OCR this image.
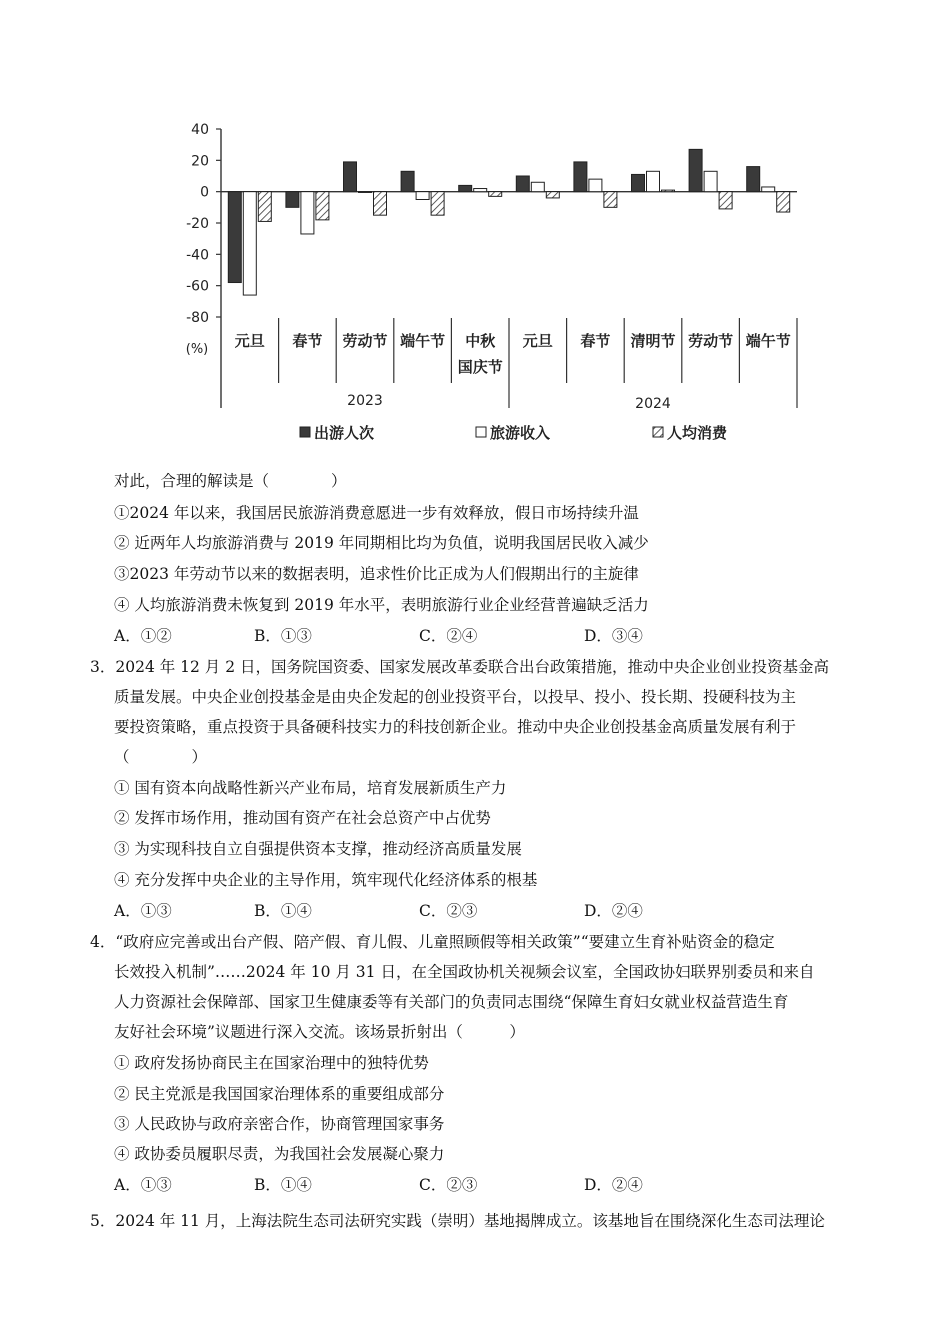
40
20
0
-20
-40
-60
-80
(%) 元旦 春节 劳动节 端午节 中秋
国庆节
元旦 春节 清明节 劳动节 端午节
2023	2024
出游人次	旅游收入	人均消费
对此，合理的解读是（　　　　）
①2024 年以来，我国居民旅游消费意愿进一步有效释放，假日市场持续升温
② 近两年人均旅游消费与 2019 年同期相比均为负值，说明我国居民收入减少
③2023 年劳动节以来的数据表明，追求性价比正成为人们假期出行的主旋律
④ 人均旅游消费未恢复到 2019 年水平，表明旅游行业企业经营普遍缺乏活力
A．①②	B．①③	C．②④	D．③④
3．2024 年 12 月 2 日，国务院国资委、国家发展改革委联合出台政策措施，推动中央企业创业投资基金高
质量发展。中央企业创投基金是由央企发起的创业投资平台，以投早、投小、投长期、投硬科技为主
要投资策略，重点投资于具备硬科技实力的科技创新企业。推动中央企业创投基金高质量发展有利于
（　　　　）
① 国有资本向战略性新兴产业布局，培育发展新质生产力
② 发挥市场作用，推动国有资产在社会总资产中占优势
③ 为实现科技自立自强提供资本支撑，推动经济高质量发展
④ 充分发挥中央企业的主导作用，筑牢现代化经济体系的根基
A．①③	B．①④	C．②③	D．②④
4．“政府应完善或出台产假、陪产假、育儿假、儿童照顾假等相关政策”“要建立生育补贴资金的稳定
长效投入机制”……2024 年 10 月 31 日，在全国政协机关视频会议室，全国政协妇联界别委员和来自
人力资源社会保障部、国家卫生健康委等有关部门的负责同志围绕“保障生育妇女就业权益营造生育
友好社会环境”议题进行深入交流。该场景折射出（　　　）
① 政府发扬协商民主在国家治理中的独特优势
② 民主党派是我国国家治理体系的重要组成部分
③ 人民政协与政府亲密合作，协商管理国家事务
④ 政协委员履职尽责，为我国社会发展凝心聚力
A．①③	B．①④	C．②③	D．②④
5．2024 年 11 月，上海法院生态司法研究实践（崇明）基地揭牌成立。该基地旨在围绕深化生态司法理论
